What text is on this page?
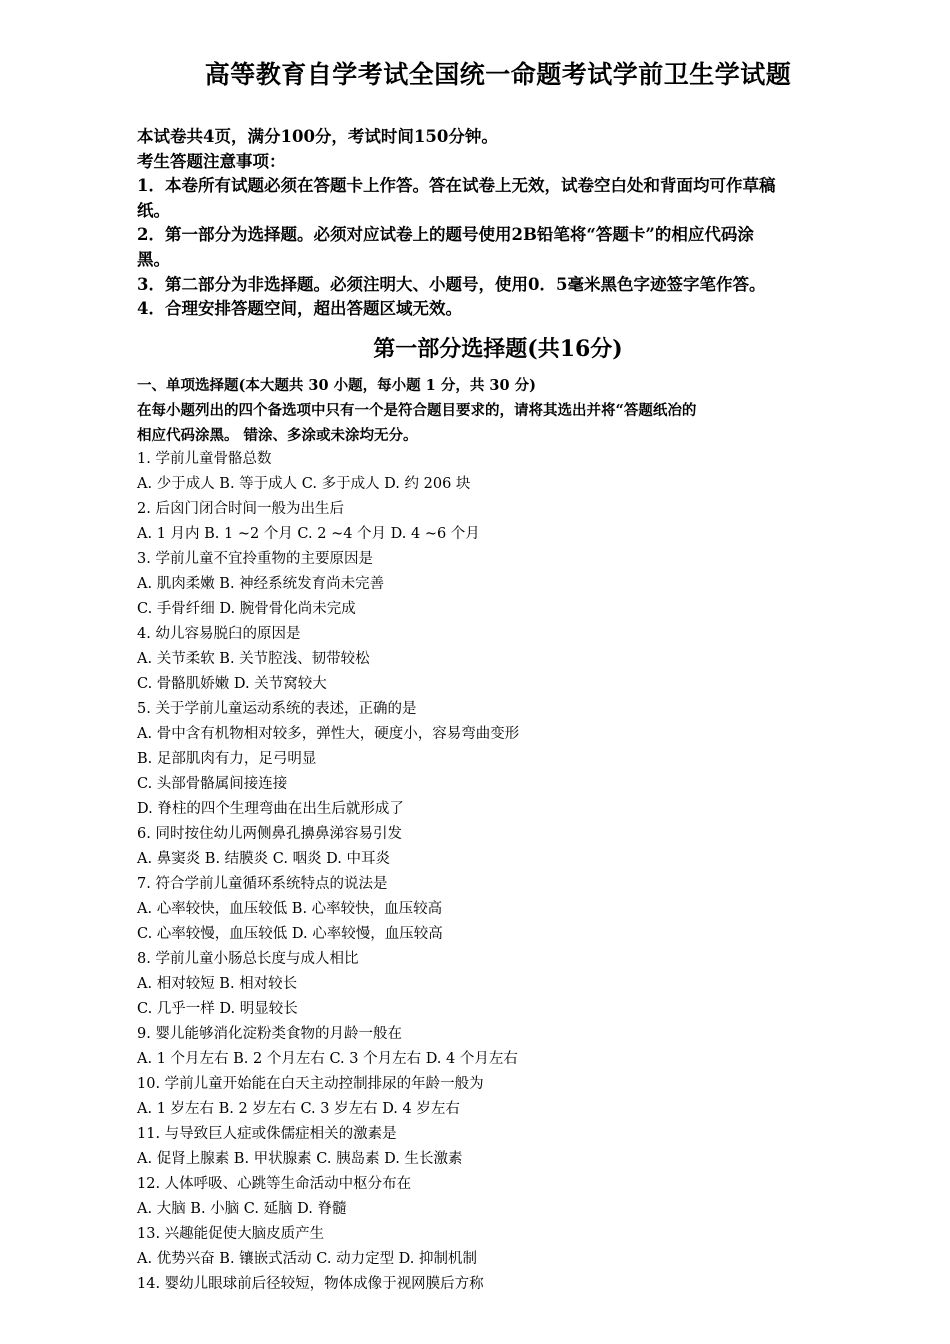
高等教育自学考试全国统一命题考试学前卫生学试题
本试卷共4页，满分100分，考试时间150分钟。
考生答题注意事项：
1．本卷所有试题必须在答题卡上作答。答在试卷上无效，试卷空白处和背面均可作草稿
纸。
2．第一部分为选择题。必须对应试卷上的题号使用2B铅笔将“答题卡”的相应代码涂
黑。
3．第二部分为非选择题。必须注明大、小题号，使用0．5毫米黑色字迹签字笔作答。
4．合理安排答题空间，超出答题区域无效。
第一部分选择题(共16分)
一、单项选择题(本大题共 30 小题，每小题 1 分，共 30 分)
在每小题列出的四个备选项中只有一个是符合题目要求的，请将其选出并将“答题纸冶的
相应代码涂黑。 错涂、多涂或未涂均无分。
1. 学前儿童骨骼总数
A. 少于成人 B. 等于成人 C. 多于成人 D. 约 206 块
2. 后囟门闭合时间一般为出生后
A. 1 月内 B. 1 ~2 个月 C. 2 ~4 个月 D. 4 ~6 个月
3. 学前儿童不宜拎重物的主要原因是
A. 肌肉柔嫩 B. 神经系统发育尚未完善
C. 手骨纤细 D. 腕骨骨化尚未完成
4. 幼儿容易脱臼的原因是
A. 关节柔软 B. 关节腔浅、韧带较松
C. 骨骼肌娇嫩 D. 关节窝较大
5. 关于学前儿童运动系统的表述，正确的是
A. 骨中含有机物相对较多，弹性大，硬度小，容易弯曲变形
B. 足部肌肉有力，足弓明显
C. 头部骨骼属间接连接
D. 脊柱的四个生理弯曲在出生后就形成了
6. 同时按住幼儿两侧鼻孔擤鼻涕容易引发
A. 鼻窦炎 B. 结膜炎 C. 咽炎 D. 中耳炎
7. 符合学前儿童循环系统特点的说法是
A. 心率较快，血压较低 B. 心率较快，血压较高
C. 心率较慢，血压较低 D. 心率较慢，血压较高
8. 学前儿童小肠总长度与成人相比
A. 相对较短 B. 相对较长
C. 几乎一样 D. 明显较长
9. 婴儿能够消化淀粉类食物的月龄一般在
A. 1 个月左右 B. 2 个月左右 C. 3 个月左右 D. 4 个月左右
10. 学前儿童开始能在白天主动控制排尿的年龄一般为
A. 1 岁左右 B. 2 岁左右 C. 3 岁左右 D. 4 岁左右
11. 与导致巨人症或侏儒症相关的激素是
A. 促肾上腺素 B. 甲状腺素 C. 胰岛素 D. 生长激素
12. 人体呼吸、心跳等生命活动中枢分布在
A. 大脑 B. 小脑 C. 延脑 D. 脊髓
13. 兴趣能促使大脑皮质产生
A. 优势兴奋 B. 镶嵌式活动 C. 动力定型 D. 抑制机制
14. 婴幼儿眼球前后径较短，物体成像于视网膜后方称
